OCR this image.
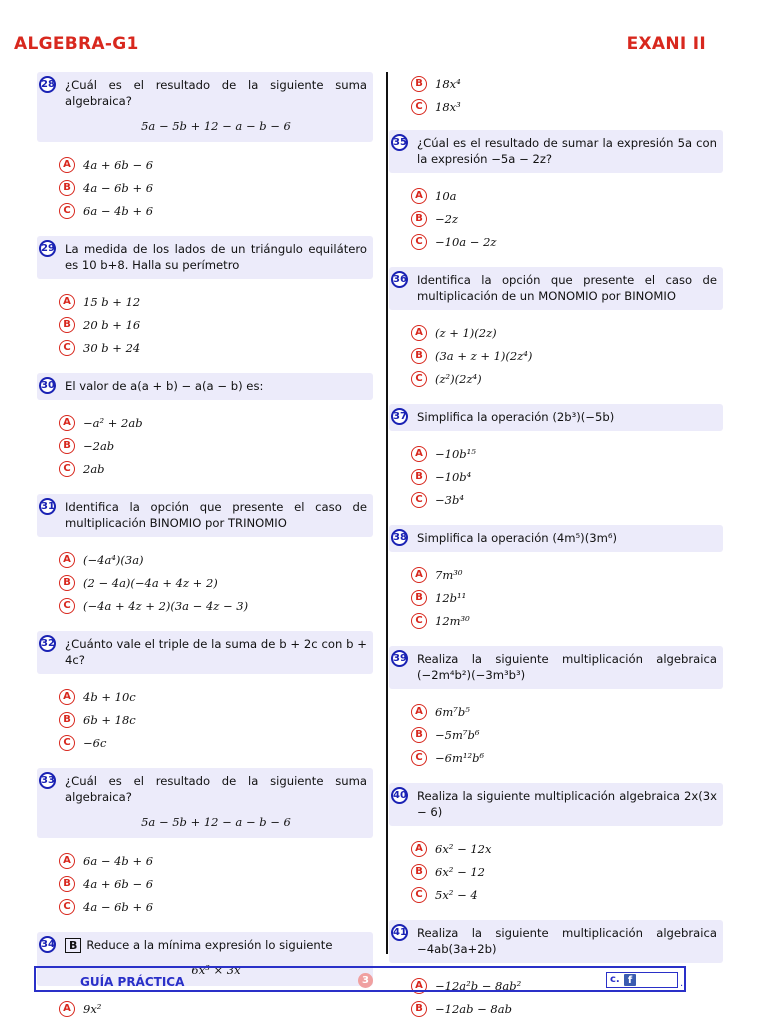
ALGEBRA-G1	EXANI II
28 ¿Cuál es el resultado de la siguiente suma algebraica?
5a − 5b + 12 − a − b − 6
A	4a + 6b − 6
B	4a − 6b + 6
C	6a − 4b + 6
29 La medida de los lados de un triángulo equilátero es 10 b+8. Halla su perímetro
A	15 b + 12
B	20 b + 16
C	30 b + 24
30 El valor de a(a + b) − a(a − b) es:
A	−a² + 2ab
B	−2ab
C	2ab
31 Identifica la opción que presente el caso de multiplicación BINOMIO por TRINOMIO
A	(−4a⁴)(3a)
B	(2 − 4a)(−4a + 4z + 2)
C	(−4a + 4z + 2)(3a − 4z − 3)
32 ¿Cuánto vale el triple de la suma de b + 2c con b + 4c?
A	4b + 10c
B	6b + 18c
C	−6c
33 ¿Cuál es el resultado de la siguiente suma algebraica?
5a − 5b + 12 − a − b − 6
A	6a − 4b + 6
B	4a + 6b − 6
C	4a − 6b + 6
34	B Reduce a la mínima expresión lo siguiente
6x³ × 3x
A	9x²
B	18x⁴
C	18x³
35 ¿Cúal es el resultado de sumar la expresión 5a con la expresión −5a − 2z?
A	10a
B	−2z
C	−10a − 2z
36 Identifica la opción que presente el caso de multiplicación de un MONOMIO por BINOMIO
A	(z + 1)(2z)
B	(3a + z + 1)(2z⁴)
C	(z²)(2z⁴)
37 Simplifica la operación (2b³)(−5b)
A	−10b¹⁵
B	−10b⁴
C	−3b⁴
38 Simplifica la operación (4m⁵)(3m⁶)
A	7m³⁰
B	12b¹¹
C	12m³⁰
39 Realiza la siguiente multiplicación algebraica (−2m⁴b²)(−3m³b³)
A	6m⁷b⁵
B	−5m⁷b⁶
C	−6m¹²b⁶
40 Realiza la siguiente multiplicación algebraica 2x(3x − 6)
A	6x² − 12x
B	6x² − 12
C	5x² − 4
41 Realiza la siguiente multiplicación algebraica −4ab(3a+2b)
A	−12a²b − 8ab²
B	−12ab − 8ab
GUÍA PRÁCTICA	3	c. f	.
